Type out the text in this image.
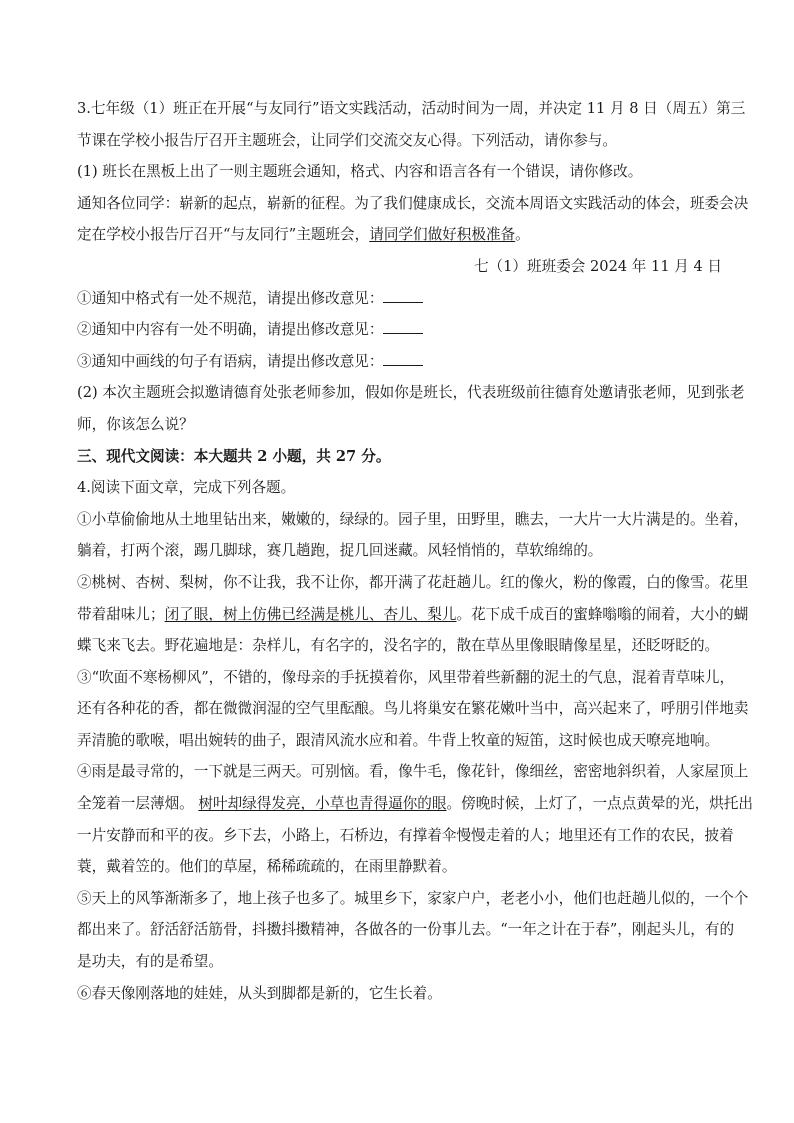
3.七年级（1）班正在开展“与友同行”语文实践活动，活动时间为一周，并决定 11 月 8 日（周五）第三
节课在学校小报告厅召开主题班会，让同学们交流交友心得。下列活动，请你参与。
(1) 班长在黑板上出了一则主题班会通知，格式、内容和语言各有一个错误，请你修改。
通知各位同学：崭新的起点，崭新的征程。为了我们健康成长，交流本周语文实践活动的体会，班委会决
定在学校小报告厅召开“与友同行”主题班会，请同学们做好积极准备。
七（1）班班委会 2024 年 11 月 4 日
①通知中格式有一处不规范，请提出修改意见：
②通知中内容有一处不明确，请提出修改意见：
③通知中画线的句子有语病，请提出修改意见：
(2) 本次主题班会拟邀请德育处张老师参加，假如你是班长，代表班级前往德育处邀请张老师，见到张老
师，你该怎么说？
三、现代文阅读：本大题共 2 小题，共 27 分。
4.阅读下面文章，完成下列各题。
①小草偷偷地从土地里钻出来，嫩嫩的，绿绿的。园子里，田野里，瞧去，一大片一大片满是的。坐着，
躺着，打两个滚，踢几脚球，赛几趟跑，捉几回迷藏。风轻悄悄的，草软绵绵的。
②桃树、杏树、梨树，你不让我，我不让你，都开满了花赶趟儿。红的像火，粉的像霞，白的像雪。花里
带着甜味儿；闭了眼，树上仿佛已经满是桃儿、杏儿、梨儿。花下成千成百的蜜蜂嗡嗡的闹着，大小的蝴
蝶飞来飞去。野花遍地是：杂样儿，有名字的，没名字的，散在草丛里像眼睛像星星，还眨呀眨的。
③“吹面不寒杨柳风”，不错的，像母亲的手抚摸着你，风里带着些新翻的泥土的气息，混着青草味儿，
还有各种花的香，都在微微润湿的空气里酝酿。鸟儿将巢安在繁花嫩叶当中，高兴起来了，呼朋引伴地卖
弄清脆的歌喉，唱出婉转的曲子，跟清风流水应和着。牛背上牧童的短笛，这时候也成天嘹亮地响。
④雨是最寻常的，一下就是三两天。可别恼。看，像牛毛，像花针，像细丝，密密地斜织着，人家屋顶上
全笼着一层薄烟。 树叶却绿得发亮，小草也青得逼你的眼。傍晚时候，上灯了，一点点黄晕的光，烘托出
一片安静而和平的夜。乡下去，小路上，石桥边，有撑着伞慢慢走着的人；地里还有工作的农民，披着
蓑，戴着笠的。他们的草屋，稀稀疏疏的，在雨里静默着。
⑤天上的风筝渐渐多了，地上孩子也多了。城里乡下，家家户户，老老小小，他们也赶趟儿似的，一个个
都出来了。舒活舒活筋骨，抖擞抖擞精神，各做各的一份事儿去。“一年之计在于春”，刚起头儿，有的
是功夫，有的是希望。
⑥春天像刚落地的娃娃，从头到脚都是新的，它生长着。
